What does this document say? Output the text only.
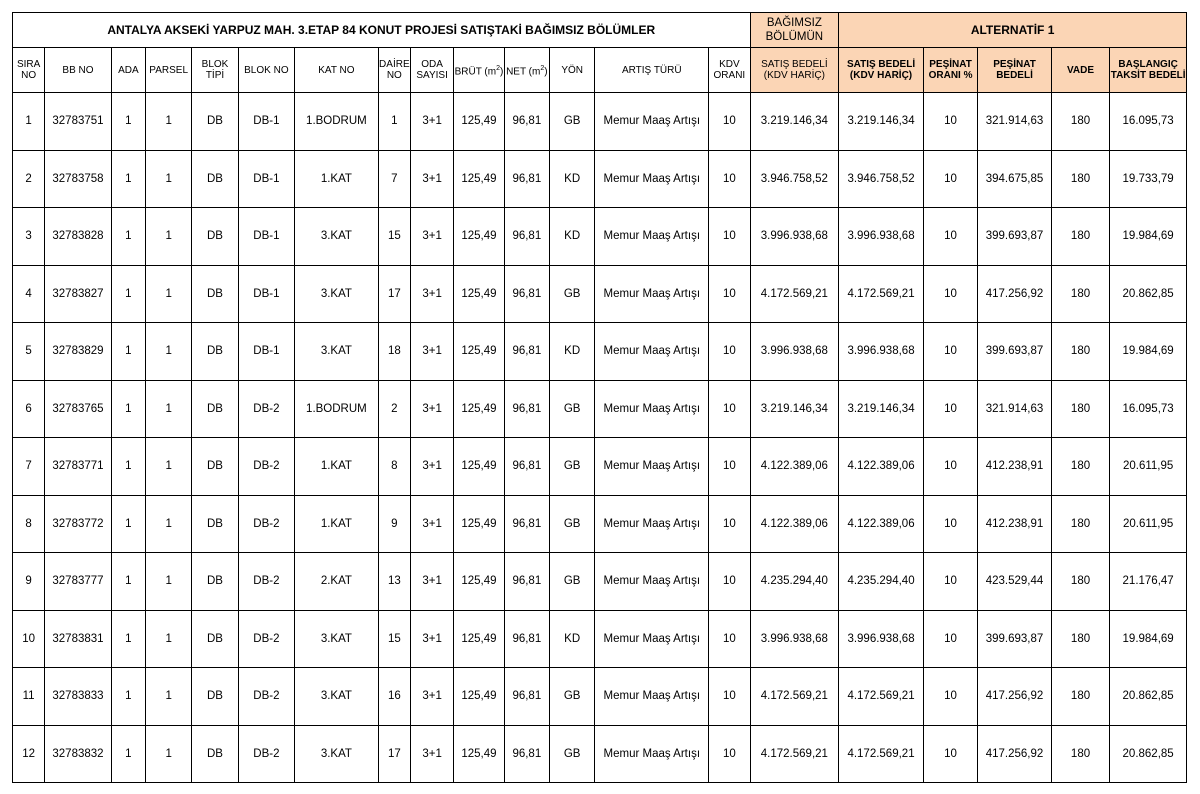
ANTALYA AKSEKİ YARPUZ MAH. 3.ETAP 84 KONUT PROJESİ SATIŞTAKİ BAĞIMSIZ BÖLÜMLER														BAĞIMSIZ BÖLÜMÜN	ALTERNATİF 1				
SIRA NO	BB NO	ADA	PARSEL	BLOK TİPİ	BLOK NO	KAT NO	DAİRE NO	ODA SAYISI	BRÜT $(m^2)$	NET $(m^2)$	YÖN	ARTIŞ TÜRÜ	KDV ORANI	SATIŞ BEDELİ (KDV HARİÇ)	SATIŞ BEDELİ (KDV HARİÇ)	PEŞİNAT ORANI %	PEŞİNAT BEDELİ	VADE	BAŞLANGIÇ TAKSİT BEDELİ
1	32783751	1	1	DB	DB-1	1.BODRUM	1	3+1	125,49	96,81	GB	Memur Maaş Artışı	10	3.219.146,34	3.219.146,34	10	321.914,63	180	16.095,73
2	32783758	1	1	DB	DB-1	1.KAT	7	3+1	125,49	96,81	KD	Memur Maaş Artışı	10	3.946.758,52	3.946.758,52	10	394.675,85	180	19.733,79
3	32783828	1	1	DB	DB-1	3.KAT	15	3+1	125,49	96,81	KD	Memur Maaş Artışı	10	3.996.938,68	3.996.938,68	10	399.693,87	180	19.984,69
4	32783827	1	1	DB	DB-1	3.KAT	17	3+1	125,49	96,81	GB	Memur Maaş Artışı	10	4.172.569,21	4.172.569,21	10	417.256,92	180	20.862,85
5	32783829	1	1	DB	DB-1	3.KAT	18	3+1	125,49	96,81	KD	Memur Maaş Artışı	10	3.996.938,68	3.996.938,68	10	399.693,87	180	19.984,69
6	32783765	1	1	DB	DB-2	1.BODRUM	2	3+1	125,49	96,81	GB	Memur Maaş Artışı	10	3.219.146,34	3.219.146,34	10	321.914,63	180	16.095,73
7	32783771	1	1	DB	DB-2	1.KAT	8	3+1	125,49	96,81	GB	Memur Maaş Artışı	10	4.122.389,06	4.122.389,06	10	412.238,91	180	20.611,95
8	32783772	1	1	DB	DB-2	1.KAT	9	3+1	125,49	96,81	GB	Memur Maaş Artışı	10	4.122.389,06	4.122.389,06	10	412.238,91	180	20.611,95
9	32783777	1	1	DB	DB-2	2.KAT	13	3+1	125,49	96,81	GB	Memur Maaş Artışı	10	4.235.294,40	4.235.294,40	10	423.529,44	180	21.176,47
10	32783831	1	1	DB	DB-2	3.KAT	15	3+1	125,49	96,81	KD	Memur Maaş Artışı	10	3.996.938,68	3.996.938,68	10	399.693,87	180	19.984,69
11	32783833	1	1	DB	DB-2	3.KAT	16	3+1	125,49	96,81	GB	Memur Maaş Artışı	10	4.172.569,21	4.172.569,21	10	417.256,92	180	20.862,85
12	32783832	1	1	DB	DB-2	3.KAT	17	3+1	125,49	96,81	GB	Memur Maaş Artışı	10	4.172.569,21	4.172.569,21	10	417.256,92	180	20.862,85
